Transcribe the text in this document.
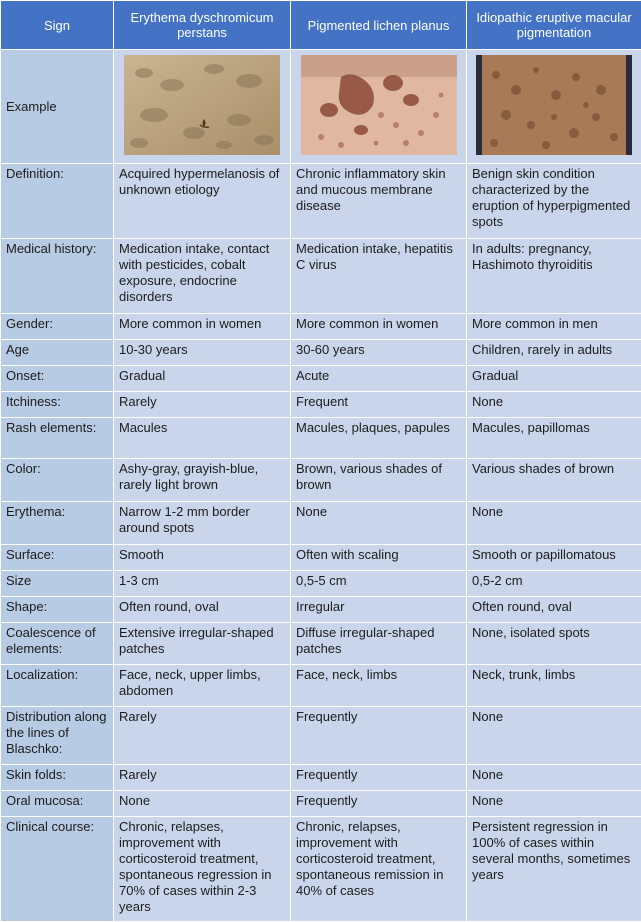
Sign	Erythema dyschromicum perstans	Pigmented lichen planus	Idiopathic eruptive macular pigmentation
Example	

Definition:	Acquired hypermelanosis of unknown etiology	Chronic inflammatory skin and mucous membrane disease	Benign skin condition characterized by the eruption of hyperpigmented spots
Medical history:	Medication intake, contact with pesticides, cobalt exposure, endocrine disorders	Medication intake, hepatitis C virus	In adults: pregnancy, Hashimoto thyroiditis
Gender:	More common in women	More common in women	More common in men
Age	10-30 years	30-60 years	Children, rarely in adults
Onset:	Gradual	Acute	Gradual
Itchiness:	Rarely	Frequent	None
Rash elements:	Macules	Macules, plaques, papules	Macules, papillomas
Color:	Ashy-gray, grayish-blue, rarely light brown	Brown, various shades of brown	Various shades of brown
Erythema:	Narrow 1-2 mm border around spots	None	None
Surface:	Smooth	Often with scaling	Smooth or papillomatous
Size	1-3 cm	0,5-5 cm	0,5-2 cm
Shape:	Often round, oval	Irregular	Often round, oval
Coalescence of elements:	Extensive irregular-shaped patches	Diffuse irregular-shaped patches	None, isolated spots
Localization:	Face, neck, upper limbs, abdomen	Face, neck, limbs	Neck, trunk, limbs
Distribution along the lines of Blaschko:	Rarely	Frequently	None
Skin folds:	Rarely	Frequently	None
Oral mucosa:	None	Frequently	None
Clinical course:	Chronic, relapses, improvement with corticosteroid treatment, spontaneous regression in 70% of cases within 2-3 years	Chronic, relapses, improvement with corticosteroid treatment, spontaneous remission in 40% of cases	Persistent regression in 100% of cases within several months, sometimes years
